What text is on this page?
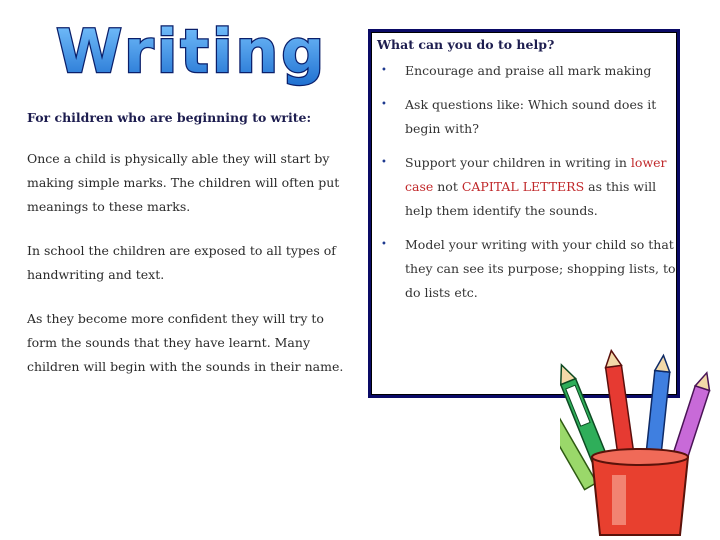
Writing
For children who are beginning to write:

Once a child is physically able they will start by making simple marks. The children will often put meanings to these marks.

In school the children are exposed to all types of handwriting and text.

As they become more confident they will try to form the sounds that they have learnt. Many children will begin with the sounds in their name.

What can you do to help?
• Encourage and praise all mark making
• Ask questions like: Which sound does it begin with?
• Support your children in writing in lower case not CAPITAL LETTERS as this will help them identify the sounds.
• Model your writing with your child so that they can see its purpose; shopping lists, to do lists etc.
